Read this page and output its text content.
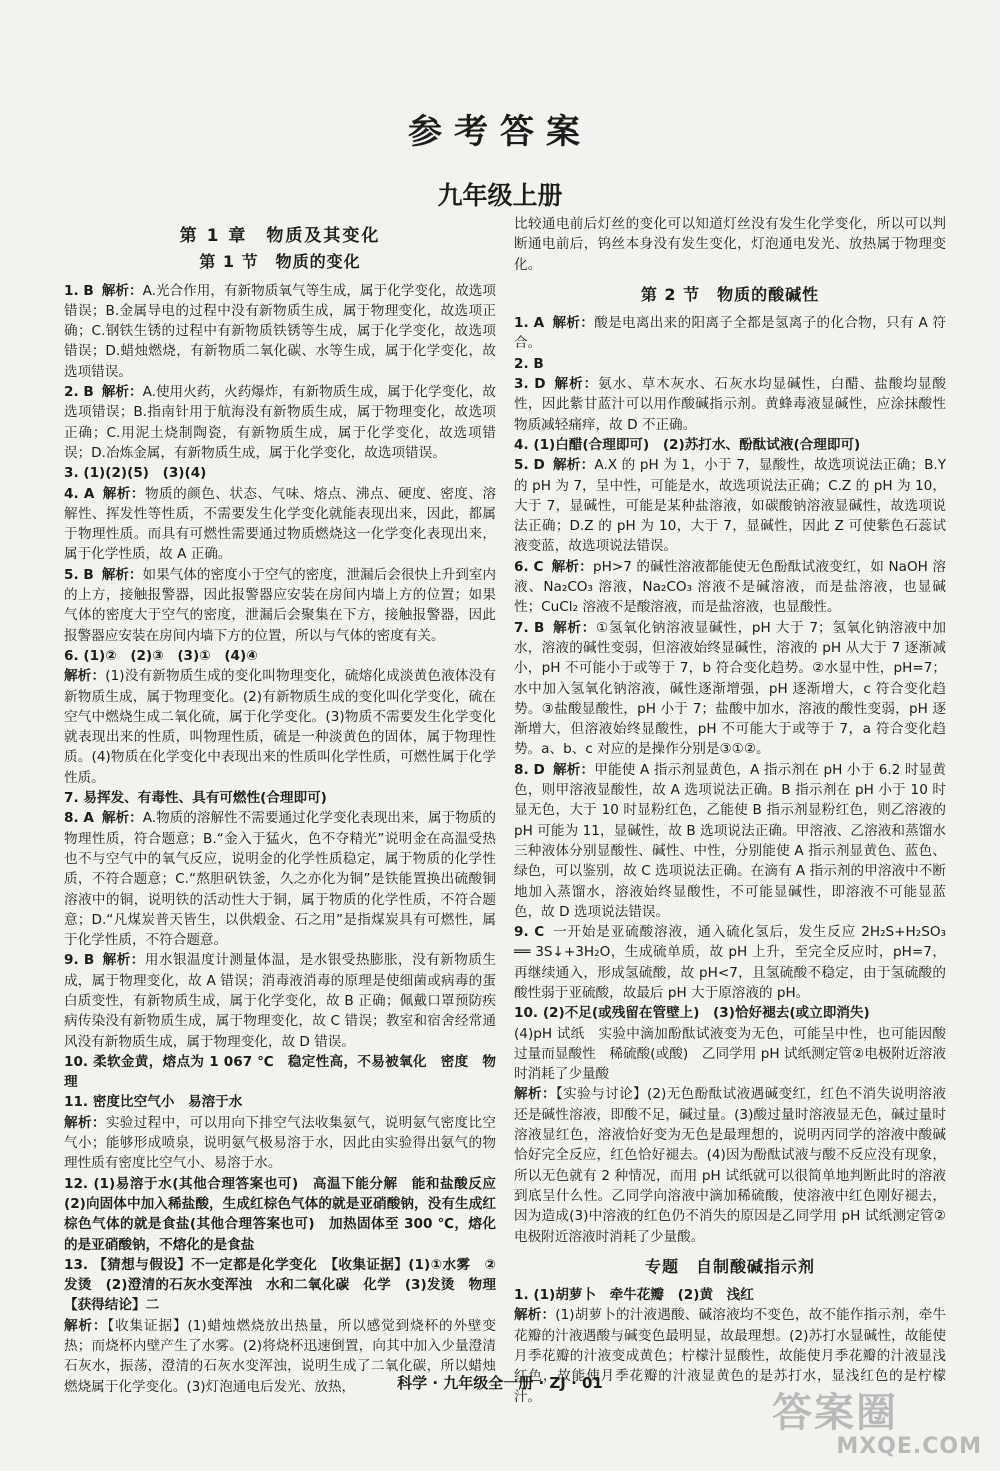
参考答案
九年级上册
第 1 章　物质及其变化
第 1 节　物质的变化

1. B 解析：A.光合作用，有新物质氧气等生成，属于化学变化，故选项错误；B.金属导电的过程中没有新物质生成，属于物理变化，故选项正确；C.钢铁生锈的过程中有新物质铁锈等生成，属于化学变化，故选项错误；D.蜡烛燃烧，有新物质二氧化碳、水等生成，属于化学变化，故选项错误。

2. B 解析：A.使用火药，火药爆炸，有新物质生成，属于化学变化，故选项错误；B.指南针用于航海没有新物质生成，属于物理变化，故选项正确；C.用泥土烧制陶瓷，有新物质生成，属于化学变化，故选项错误；D.冶炼金属，有新物质生成，属于化学变化，故选项错误。

3. (1)(2)(5)　(3)(4)

4. A 解析：物质的颜色、状态、气味、熔点、沸点、硬度、密度、溶解性、挥发性等性质，不需要发生化学变化就能表现出来，因此，都属于物理性质。而具有可燃性需要通过物质燃烧这一化学变化表现出来，属于化学性质，故 A 正确。

5. B 解析：如果气体的密度小于空气的密度，泄漏后会很快上升到室内的上方，接触报警器，因此报警器应安装在房间内墙上方的位置；如果气体的密度大于空气的密度，泄漏后会聚集在下方，接触报警器，因此报警器应安装在房间内墙下方的位置，所以与气体的密度有关。

6. (1)②　(2)③　(3)①　(4)④

解析：(1)没有新物质生成的变化叫物理变化，硫熔化成淡黄色液体没有新物质生成，属于物理变化。(2)有新物质生成的变化叫化学变化，硫在空气中燃烧生成二氧化硫，属于化学变化。(3)物质不需要发生化学变化就表现出来的性质，叫物理性质，硫是一种淡黄色的固体，属于物理性质。(4)物质在化学变化中表现出来的性质叫化学性质，可燃性属于化学性质。

7. 易挥发、有毒性、具有可燃性(合理即可)

8. A 解析：A.物质的溶解性不需要通过化学变化表现出来，属于物质的物理性质，符合题意；B.“金入于猛火，色不夺精光”说明金在高温受热也不与空气中的氧气反应，说明金的化学性质稳定，属于物质的化学性质，不符合题意；C.“熬胆矾铁釜，久之亦化为铜”是铁能置换出硫酸铜溶液中的铜，说明铁的活动性大于铜，属于物质的化学性质，不符合题意；D.“凡煤炭普天皆生，以供煅金、石之用”是指煤炭具有可燃性，属于化学性质，不符合题意。

9. B 解析：用水银温度计测量体温，是水银受热膨胀，没有新物质生成，属于物理变化，故 A 错误；消毒液消毒的原理是使细菌或病毒的蛋白质变性，有新物质生成，属于化学变化，故 B 正确；佩戴口罩预防疾病传染没有新物质生成，属于物理变化，故 C 错误；教室和宿舍经常通风没有新物质生成，属于物理变化，故 D 错误。

10. 柔软金黄，熔点为 1 067 ℃　稳定性高，不易被氧化　密度　物理

11. 密度比空气小　易溶于水

解析：实验过程中，可以用向下排空气法收集氨气，说明氨气密度比空气小；能够形成喷泉，说明氨气极易溶于水，因此由实验得出氨气的物理性质有密度比空气小、易溶于水。

12. (1)易溶于水(其他合理答案也可)　高温下能分解　能和盐酸反应　(2)向固体中加入稀盐酸，生成红棕色气体的就是亚硝酸钠，没有生成红棕色气体的就是食盐(其他合理答案也可)　加热固体至 300 ℃，熔化的是亚硝酸钠，不熔化的是食盐

13. 【猜想与假设】不一定都是化学变化　【收集证据】(1)①水雾　②发烫　(2)澄清的石灰水变浑浊　水和二氧化碳　化学　(3)发烫　物理　【获得结论】二

解析：【收集证据】(1)蜡烛燃烧放出热量，所以感觉到烧杯的外壁变热；而烧杯内壁产生了水雾。(2)将烧杯迅速倒置，向其中加入少量澄清石灰水，振荡，澄清的石灰水变浑浊，说明生成了二氧化碳，所以蜡烛燃烧属于化学变化。(3)灯泡通电后发光、放热，

比较通电前后灯丝的变化可以知道灯丝没有发生化学变化，所以可以判断通电前后，钨丝本身没有发生变化，灯泡通电发光、放热属于物理变化。

第 2 节　物质的酸碱性

1. A 解析：酸是电离出来的阳离子全都是氢离子的化合物，只有 A 符合。

2. B

3. D 解析：氨水、草木灰水、石灰水均显碱性，白醋、盐酸均显酸性，因此紫甘蓝汁可以用作酸碱指示剂。黄蜂毒液显碱性，应涂抹酸性物质减轻痛痒，故 D 不正确。

4. (1)白醋(合理即可)　(2)苏打水、酚酞试液(合理即可)

5. D 解析：A.X 的 pH 为 1，小于 7，显酸性，故选项说法正确；B.Y 的 pH 为 7，呈中性，可能是水，故选项说法正确；C.Z 的 pH 为 10，大于 7，显碱性，可能是某种盐溶液，如碳酸钠溶液显碱性，故选项说法正确；D.Z 的 pH 为 10，大于 7，显碱性，因此 Z 可使紫色石蕊试液变蓝，故选项说法错误。

6. C 解析：pH>7 的碱性溶液都能使无色酚酞试液变红，如 NaOH 溶液、Na₂CO₃ 溶液，Na₂CO₃ 溶液不是碱溶液，而是盐溶液，也显碱性；CuCl₂ 溶液不是酸溶液，而是盐溶液，也显酸性。

7. B 解析：①氢氧化钠溶液显碱性，pH 大于 7；氢氧化钠溶液中加水，溶液的碱性变弱，但溶液始终显碱性，溶液的 pH 从大于 7 逐渐减小，pH 不可能小于或等于 7，b 符合变化趋势。②水显中性，pH=7；水中加入氢氧化钠溶液，碱性逐渐增强，pH 逐渐增大，c 符合变化趋势。③盐酸显酸性，pH 小于 7；盐酸中加水，溶液的酸性变弱，pH 逐渐增大，但溶液始终显酸性，pH 不可能大于或等于 7，a 符合变化趋势。a、b、c 对应的是操作分别是③①②。

8. D 解析：甲能使 A 指示剂显黄色，A 指示剂在 pH 小于 6.2 时显黄色，则甲溶液显酸性，故 A 选项说法正确。B 指示剂在 pH 小于 10 时显无色，大于 10 时显粉红色，乙能使 B 指示剂显粉红色，则乙溶液的 pH 可能为 11，显碱性，故 B 选项说法正确。甲溶液、乙溶液和蒸馏水三种液体分别显酸性、碱性、中性，分别能使 A 指示剂显黄色、蓝色、绿色，可以鉴别，故 C 选项说法正确。在滴有 A 指示剂的甲溶液中不断地加入蒸馏水，溶液始终显酸性，不可能显碱性，即溶液不可能显蓝色，故 D 选项说法错误。

9. C 一开始是亚硫酸溶液，通入硫化氢后，发生反应 2H₂S+H₂SO₃ ══ 3S↓+3H₂O，生成硫单质，故 pH 上升，至完全反应时，pH=7，再继续通入，形成氢硫酸，故 pH<7，且氢硫酸不稳定，由于氢硫酸的酸性弱于亚硫酸，故最后 pH 大于原溶液的 pH。

10. (2)不足(或残留在管壁上)　(3)恰好褪去(或立即消失)

(4)pH 试纸　实验中滴加酚酞试液变为无色，可能呈中性，也可能因酸过量而显酸性　稀硫酸(或酸)　乙同学用 pH 试纸测定管②电极附近溶液时消耗了少量酸

解析：【实验与讨论】(2)无色酚酞试液遇碱变红，红色不消失说明溶液还是碱性溶液，即酸不足，碱过量。(3)酸过量时溶液显无色，碱过量时溶液显红色，溶液恰好变为无色是最理想的，说明丙同学的溶液中酸碱恰好完全反应，红色恰好褪去。(4)因为酚酞试液与酸不反应没有现象，所以无色就有 2 种情况，而用 pH 试纸就可以很简单地判断此时的溶液到底呈什么性。乙同学向溶液中滴加稀硫酸，使溶液中红色刚好褪去，因为造成(3)中溶液的红色仍不消失的原因是乙同学用 pH 试纸测定管②电极附近溶液时消耗了少量酸。

专题　自制酸碱指示剂

1. (1)胡萝卜　牵牛花瓣　(2)黄　浅红

解析：(1)胡萝卜的汁液遇酸、碱溶液均不变色，故不能作指示剂，牵牛花瓣的汁液遇酸与碱变色最明显，故最理想。(2)苏打水显碱性，故能使月季花瓣的汁液变成黄色；柠檬汁显酸性，故能使月季花瓣的汁液显浅红色，故能使月季花瓣的汁液显黄色的是苏打水，显浅红色的是柠檬汁。

科学 · 九年级全一册 · ZJ · 01
答案圈
MXQE.COM
